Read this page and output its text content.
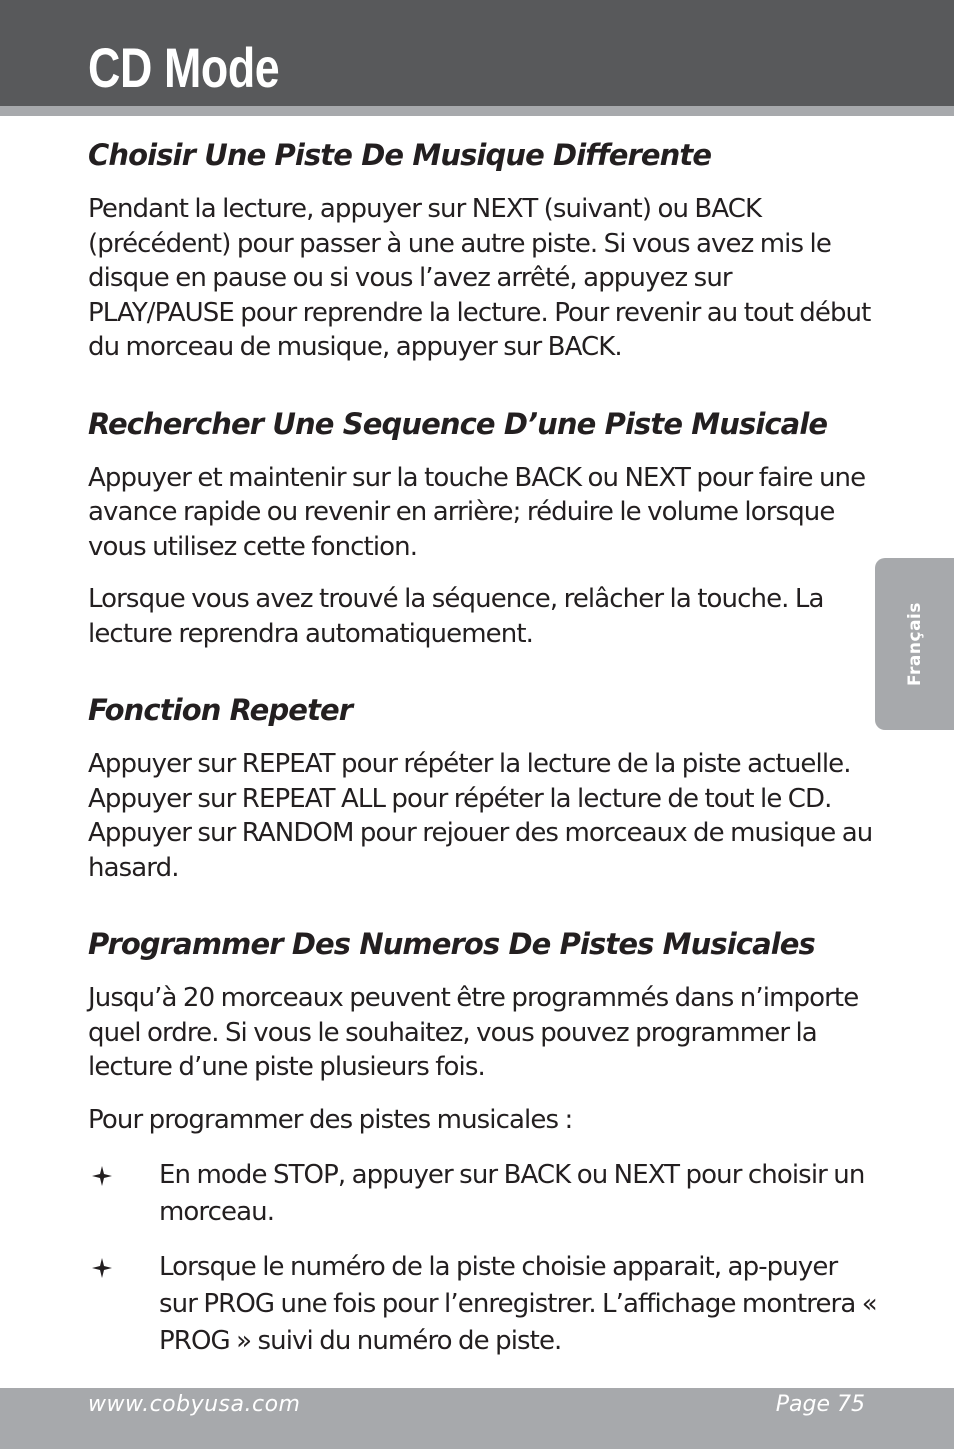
CD Mode
Choisir Une Piste De Musique Differente

Pendant la lecture, appuyer sur NEXT (suivant) ou BACK (précédent) pour passer à une autre piste. Si vous avez mis le disque en pause ou si vous l’avez arrêté, appuyez sur PLAY/PAUSE pour reprendre la lecture. Pour revenir au tout début du morceau de musique, appuyer sur BACK.

Rechercher Une Sequence D’une Piste Musicale

Appuyer et maintenir sur la touche BACK ou NEXT pour faire une avance rapide ou revenir en arrière; réduire le volume lorsque vous utilisez cette fonction.

Lorsque vous avez trouvé la séquence, relâcher la touche. La lecture reprendra automatiquement.

Fonction Repeter

Appuyer sur REPEAT pour répéter la lecture de la piste actuelle. Appuyer sur REPEAT ALL pour répéter la lecture de tout le CD. Appuyer sur RANDOM pour rejouer des morceaux de musique au hasard.

Programmer Des Numeros De Pistes Musicales

Jusqu’à 20 morceaux peuvent être programmés dans n’importe quel ordre. Si vous le souhaitez, vous pouvez programmer la lecture d’une piste plusieurs fois.

Pour programmer des pistes musicales :

En mode STOP, appuyer sur BACK ou NEXT pour choisir un morceau.
Lorsque le numéro de la piste choisie apparait, ap-puyer sur PROG une fois pour l’enregistrer. L’affichage montrera « PROG » suivi du numéro de piste.
Français
www.cobyusa.com	Page 75
